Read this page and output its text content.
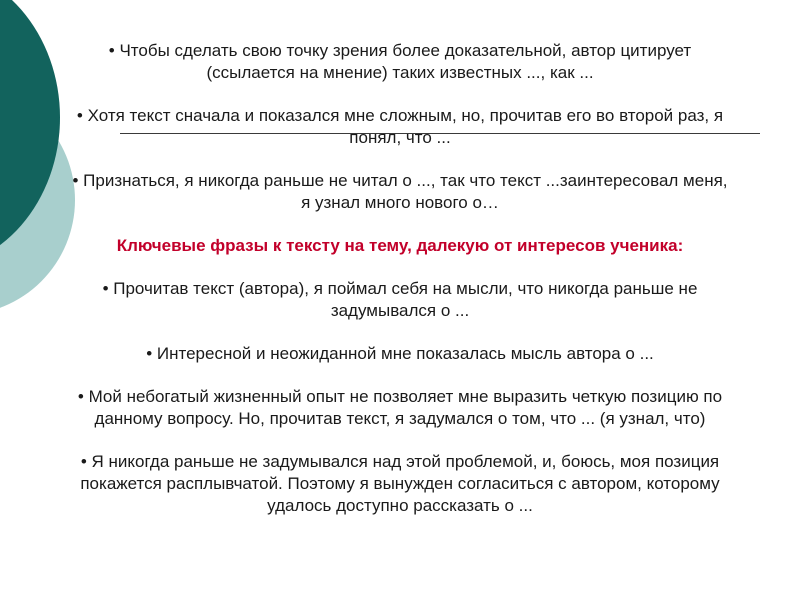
• Чтобы сделать свою точку зрения более доказательной, автор цитирует
(ссылается на мнение) таких известных ..., как ...

• Хотя текст сначала и показался мне сложным, но, прочитав его во второй раз, я
понял, что ...

• Признаться, я никогда раньше не читал о ..., так что текст ...заинтересовал меня,
я узнал много нового о…

Ключевые фразы к тексту на тему, далекую от интересов ученика:

• Прочитав текст (автора), я поймал себя на мысли, что никогда раньше не
задумывался о ...

• Интересной и неожиданной мне показалась мысль автора о ...

• Мой небогатый жизненный опыт не позволяет мне выразить четкую позицию по
данному вопросу. Но, прочитав текст, я задумался о том, что ... (я узнал, что)

• Я никогда раньше не задумывался над этой проблемой, и, боюсь, моя позиция
покажется расплывчатой. Поэтому я вынужден согласиться с автором, которому
удалось доступно рассказать о ...
